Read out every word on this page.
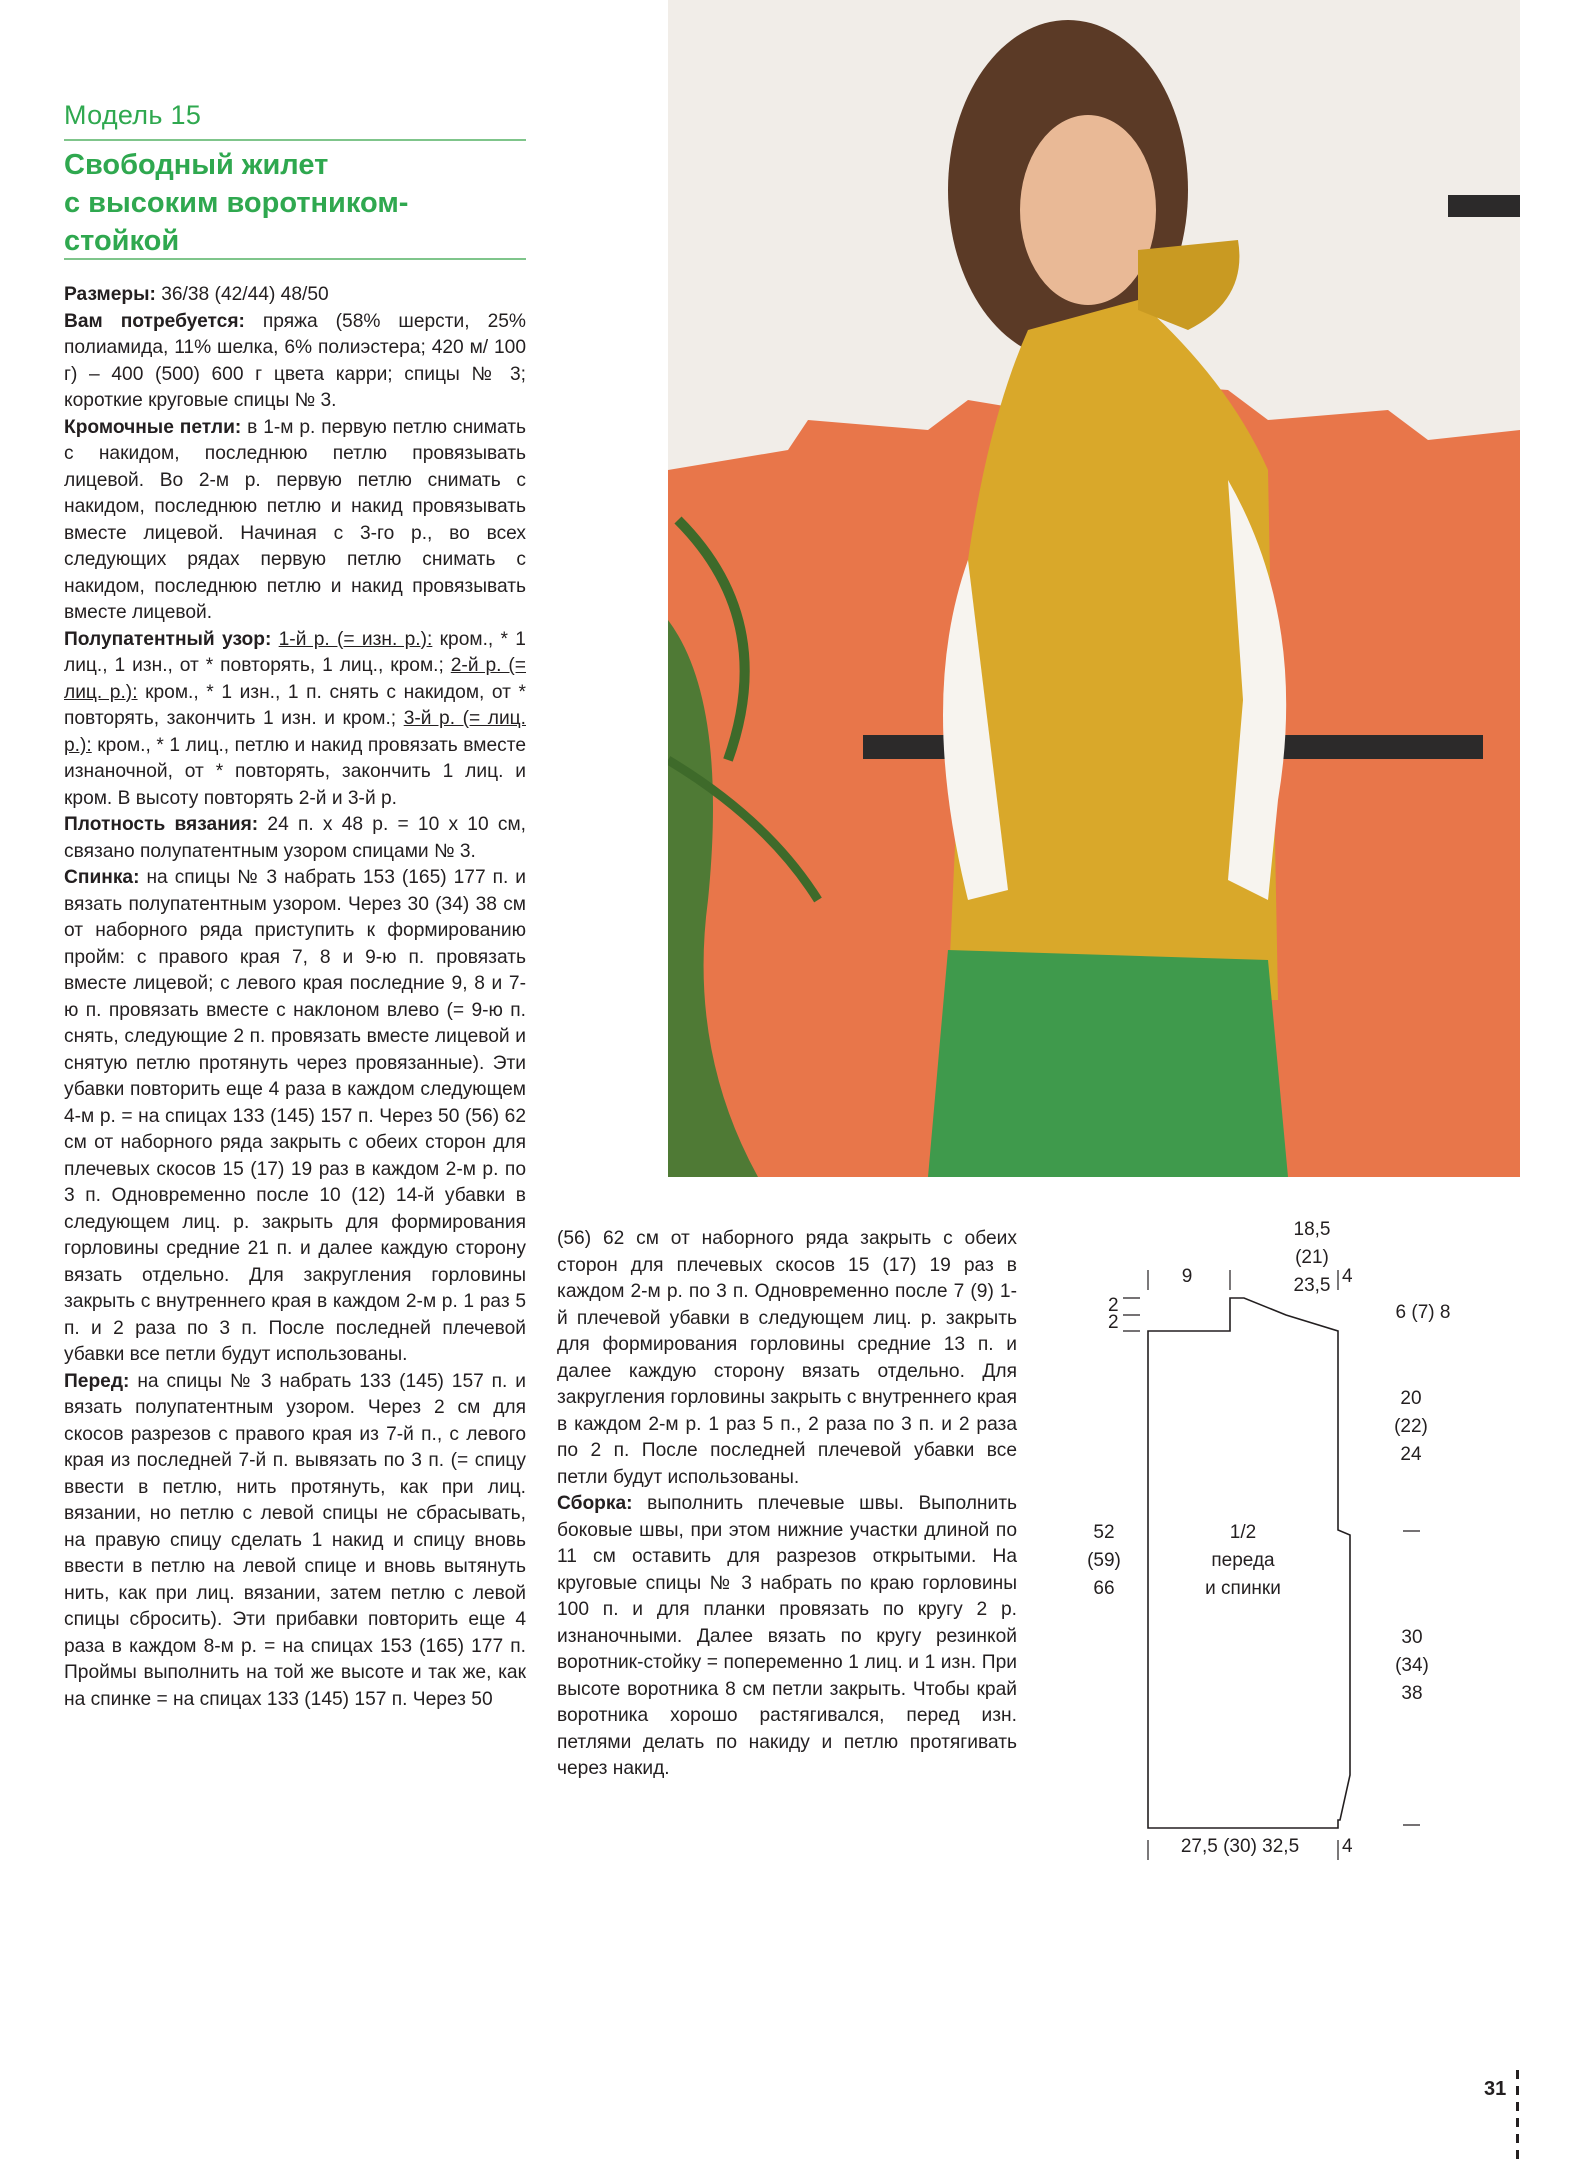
Модель 15
Свободный жилет
с высоким воротником-
стойкой

Размеры: 36/38 (42/44) 48/50

Вам потребуется: пряжа (58% шерсти, 25% полиамида, 11% шелка, 6% полиэстера; 420 м/ 100 г) – 400 (500) 600 г цвета карри; спицы № 3; короткие круговые спицы № 3.

Кромочные петли: в 1-м р. первую петлю снимать с накидом, последнюю петлю провязывать лицевой. Во 2-м р. первую петлю снимать с накидом, последнюю петлю и накид провязывать вместе лицевой. Начиная с 3-го р., во всех следующих рядах первую петлю снимать с накидом, последнюю петлю и накид провязывать вместе лицевой.

Полупатентный узор: 1-й р. (= изн. р.): кром., * 1 лиц., 1 изн., от * повторять, 1 лиц., кром.; 2-й р. (= лиц. р.): кром., * 1 изн., 1 п. снять с накидом, от * повторять, закончить 1 изн. и кром.; 3-й р. (= лиц. р.): кром., * 1 лиц., петлю и накид провязать вместе изнаночной, от * повторять, закончить 1 лиц. и кром. В высоту повторять 2-й и 3-й р.

Плотность вязания: 24 п. х 48 р. = 10 х 10 см, связано полупатентным узором спицами № 3.

Спинка: на спицы № 3 набрать 153 (165) 177 п. и вязать полупатентным узором. Через 30 (34) 38 см от наборного ряда приступить к формированию пройм: с правого края 7, 8 и 9-ю п. провязать вместе лицевой; с левого края последние 9, 8 и 7-ю п. провязать вместе с наклоном влево (= 9-ю п. снять, следующие 2 п. провязать вместе лицевой и снятую петлю протянуть через провязанные). Эти убавки повторить еще 4 раза в каждом следующем 4-м р. = на спицах 133 (145) 157 п. Через 50 (56) 62 см от наборного ряда закрыть с обеих сторон для плечевых скосов 15 (17) 19 раз в каждом 2-м р. по 3 п. Одновременно после 10 (12) 14-й убавки в следующем лиц. р. закрыть для формирования горловины средние 21 п. и далее каждую сторону вязать отдельно. Для закругления горловины закрыть с внутреннего края в каждом 2-м р. 1 раз 5 п. и 2 раза по 3 п. После последней плечевой убавки все петли будут использованы.

Перед: на спицы № 3 набрать 133 (145) 157 п. и вязать полупатентным узором. Через 2 см для скосов разрезов с правого края из 7-й п., с левого края из последней 7-й п. вывязать по 3 п. (= спицу ввести в петлю, нить протянуть, как при лиц. вязании, но петлю с левой спицы не сбрасывать, на правую спицу сделать 1 накид и спицу вновь ввести в петлю на левой спице и вновь вытянуть нить, как при лиц. вязании, затем петлю с левой спицы сбросить). Эти прибавки повторить еще 4 раза в каждом 8-м р. = на спицах 153 (165) 177 п. Проймы выполнить на той же высоте и так же, как на спинке = на спицах 133 (145) 157 п. Через 50

(56) 62 см от наборного ряда закрыть с обеих сторон для плечевых скосов 15 (17) 19 раз в каждом 2-м р. по 3 п. Одновременно после 7 (9) 1-й плечевой убавки в следующем лиц. р. закрыть для формирования горловины средние 13 п. и далее каждую сторону вязать отдельно. Для закругления горловины закрыть с внутреннего края в каждом 2-м р. 1 раз 5 п., 2 раза по 3 п. и 2 раза по 2 п. После последней плечевой убавки все петли будут использованы.

Сборка: выполнить плечевые швы. Выполнить боковые швы, при этом нижние участки длиной по 11 см оставить для разрезов открытыми. На круговые спицы № 3 набрать по краю горловины 100 п. и для планки провязать по кругу 2 р. изнаночными. Далее вязать по кругу резинкой воротник-стойку = попеременно 1 лиц. и 1 изн. При высоте воротника 8 см петли закрыть. Чтобы край воротника хорошо растягивался, перед изн. петлями делать по накиду и петлю протягивать через накид.

18,5
(21)
23,5
9	4
2
2	6 (7) 8
20
(22)
24
52
(59)
66
1/2
переда
и спинки
30
(34)
38
27,5 (30) 32,5 4
31
